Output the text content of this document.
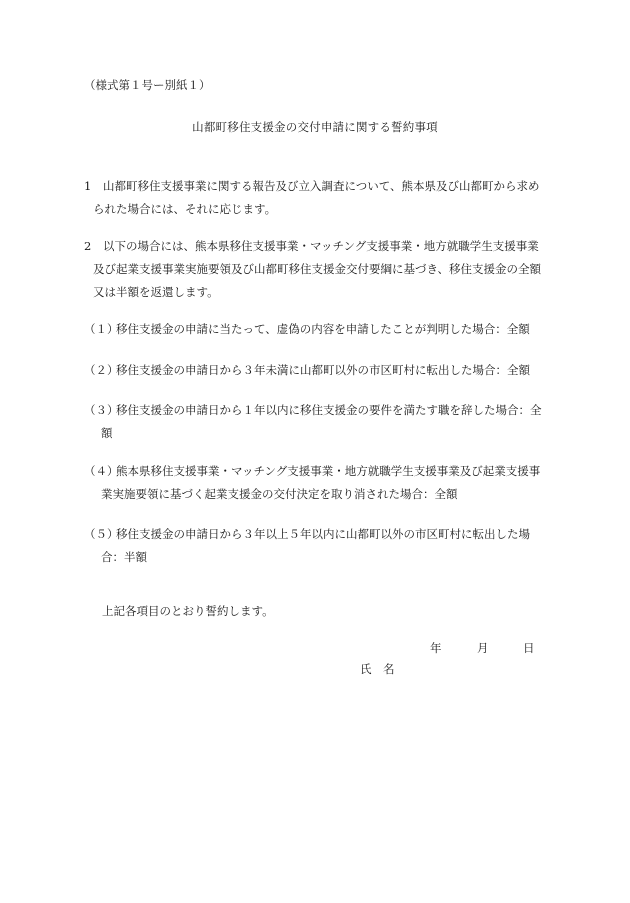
（様式第１号ー別紙１）

山都町移住支援金の交付申請に関する誓約事項

1 山都町移住支援事業に関する報告及び立入調査について、熊本県及び山都町から求め
られた場合には、それに応じます。
2 以下の場合には、熊本県移住支援事業・マッチング支援事業・地方就職学生支援事業
及び起業支援事業実施要領及び山都町移住支援金交付要綱に基づき、移住支援金の全額
又は半額を返還します。
（１）
移住支援金の申請に当たって、虚偽の内容を申請したことが判明した場合：全額
（２）
移住支援金の申請日から３年未満に山都町以外の市区町村に転出した場合：全額
（３）
移住支援金の申請日から１年以内に移住支援金の要件を満たす職を辞した場合：全
額
（４）
熊本県移住支援事業・マッチング支援事業・地方就職学生支援事業及び起業支援事
業実施要領に基づく起業支援金の交付決定を取り消された場合：全額
（５）
移住支援金の申請日から３年以上５年以内に山都町以外の市区町村に転出した場
合：半額

上記各項目のとおり誓約します。

年	月	日
氏　名
